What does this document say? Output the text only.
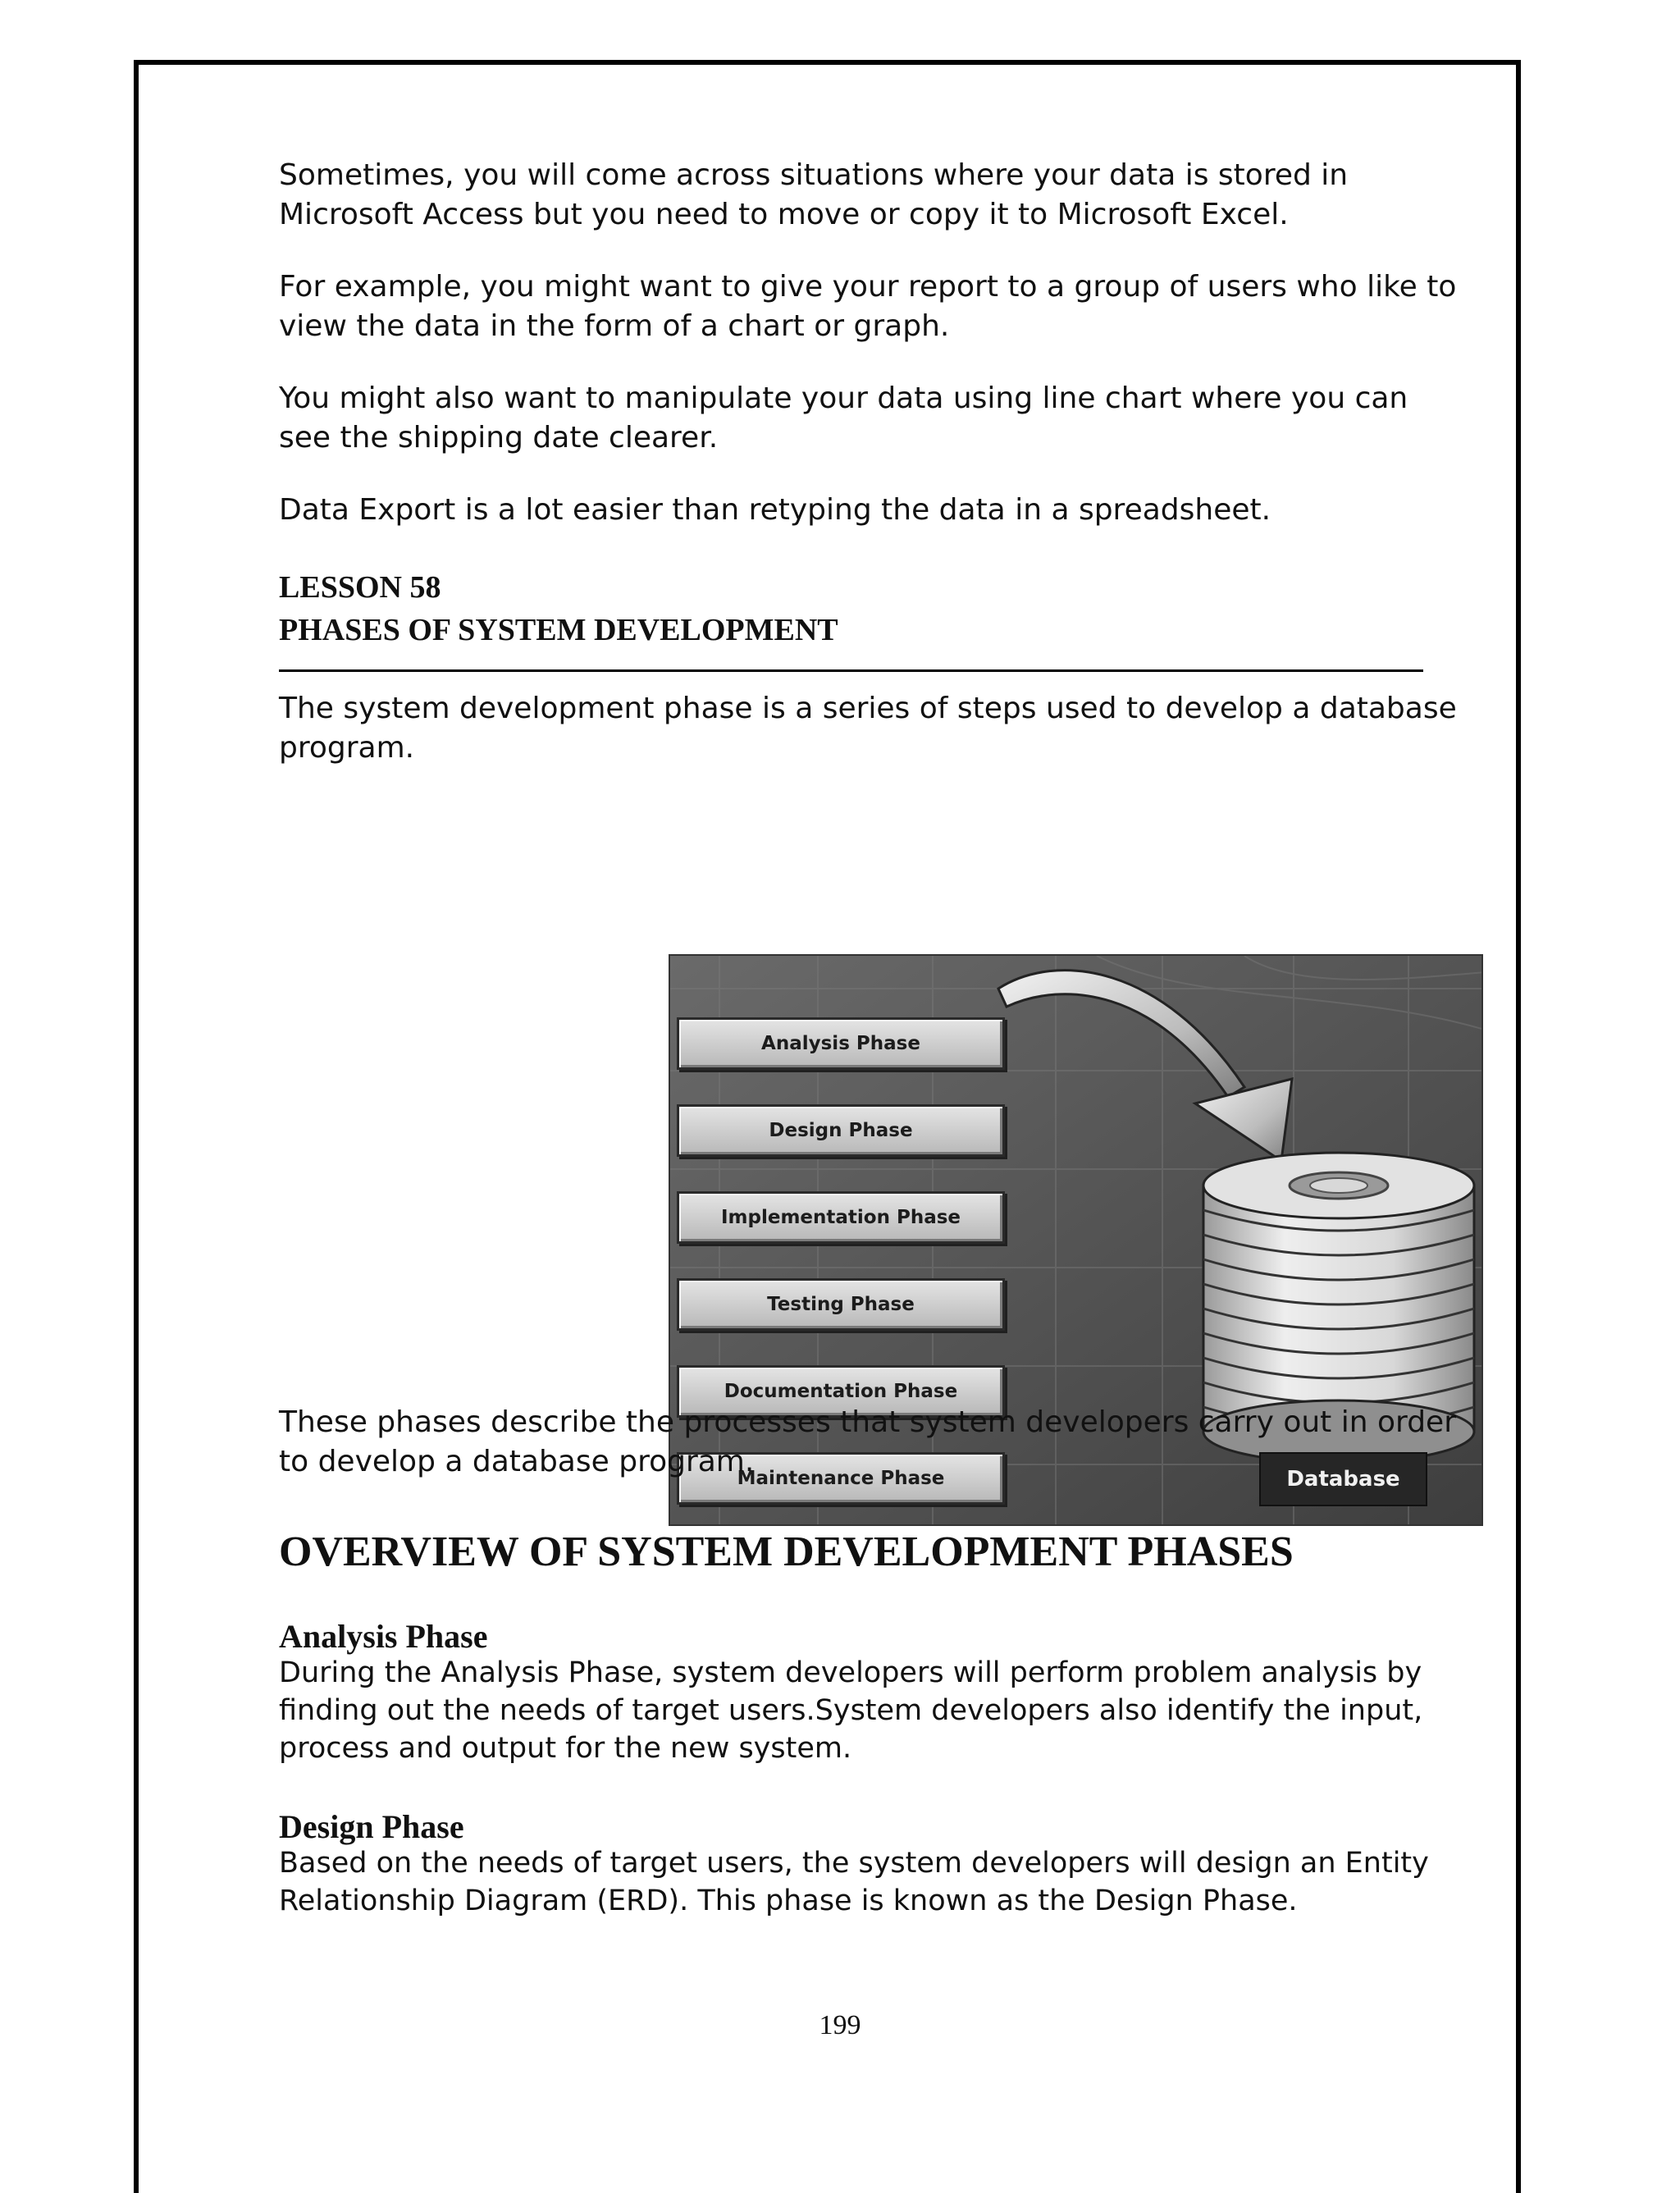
Sometimes, you will come across situations where your data is stored in Microsoft Access but you need to move or copy it to Microsoft Excel.

For example, you might want to give your report to a group of users who like to view the data in the form of a chart or graph.

You might also want to manipulate your data using line chart where you can see the shipping date clearer.

Data Export is a lot easier than retyping the data in a spreadsheet.

LESSON 58
PHASES OF SYSTEM DEVELOPMENT

The system development phase is a series of steps used to develop a database program.

Analysis Phase
Design Phase
Implementation Phase
Testing Phase
Documentation Phase
Maintenance Phase	Database

These phases describe the processes that system developers carry out in order to develop a database program.

OVERVIEW OF SYSTEM DEVELOPMENT PHASES
Analysis Phase

During the Analysis Phase, system developers will perform problem analysis by finding out the needs of target users.System developers also identify the input, process and output for the new system.

Design Phase

Based on the needs of target users, the system developers will design an Entity Relationship Diagram (ERD). This phase is known as the Design Phase.

199
